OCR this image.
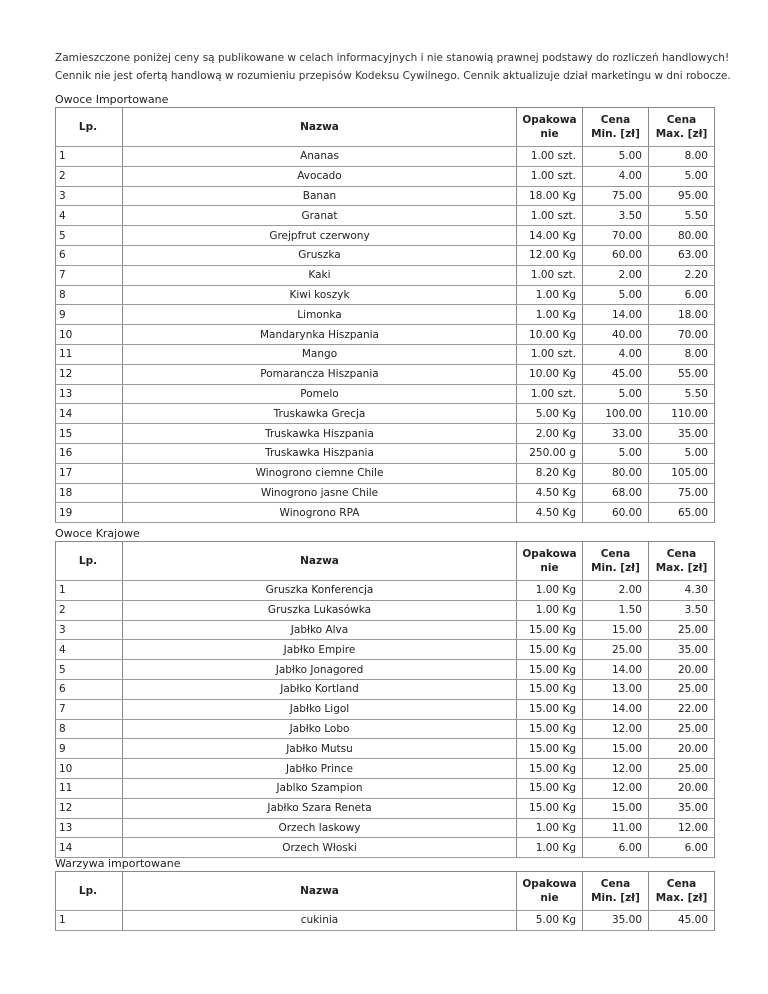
Zamieszczone poniżej ceny są publikowane w celach informacyjnych i nie stanowią prawnej podstawy do rozliczeń handlowych!

Cennik nie jest ofertą handlową w rozumieniu przepisów Kodeksu Cywilnego. Cennik aktualizuje dział marketingu w dni robocze.

Owoce Importowane
Lp.	Nazwa	Opakowa nie	Cena Min. [zł]	Cena Max. [zł]
1	Ananas	1.00 szt.	5.00	8.00
2	Avocado	1.00 szt.	4.00	5.00
3	Banan	18.00 Kg	75.00	95.00
4	Granat	1.00 szt.	3.50	5.50
5	Grejpfrut czerwony	14.00 Kg	70.00	80.00
6	Gruszka	12.00 Kg	60.00	63.00
7	Kaki	1.00 szt.	2.00	2.20
8	Kiwi koszyk	1.00 Kg	5.00	6.00
9	Limonka	1.00 Kg	14.00	18.00
10	Mandarynka Hiszpania	10.00 Kg	40.00	70.00
11	Mango	1.00 szt.	4.00	8.00
12	Pomarancza Hiszpania	10.00 Kg	45.00	55.00
13	Pomelo	1.00 szt.	5.00	5.50
14	Truskawka Grecja	5.00 Kg	100.00	110.00
15	Truskawka Hiszpania	2.00 Kg	33.00	35.00
16	Truskawka Hiszpania	250.00 g	5.00	5.00
17	Winogrono ciemne Chile	8.20 Kg	80.00	105.00
18	Winogrono jasne Chile	4.50 Kg	68.00	75.00
19	Winogrono RPA	4.50 Kg	60.00	65.00
Owoce Krajowe
Lp.	Nazwa	Opakowa nie	Cena Min. [zł]	Cena Max. [zł]
1	Gruszka Konferencja	1.00 Kg	2.00	4.30
2	Gruszka Lukasówka	1.00 Kg	1.50	3.50
3	Jabłko Alva	15.00 Kg	15.00	25.00
4	Jabłko Empire	15.00 Kg	25.00	35.00
5	Jabłko Jonagored	15.00 Kg	14.00	20.00
6	Jabłko Kortland	15.00 Kg	13.00	25.00
7	Jabłko Ligol	15.00 Kg	14.00	22.00
8	Jabłko Lobo	15.00 Kg	12.00	25.00
9	Jabłko Mutsu	15.00 Kg	15.00	20.00
10	Jabłko Prince	15.00 Kg	12.00	25.00
11	Jablko Szampion	15.00 Kg	12.00	20.00
12	Jabłko Szara Reneta	15.00 Kg	15.00	35.00
13	Orzech laskowy	1.00 Kg	11.00	12.00
14	Orzech Włoski	1.00 Kg	6.00	6.00
Warzywa importowane
Lp.	Nazwa	Opakowa nie	Cena Min. [zł]	Cena Max. [zł]
1	cukinia	5.00 Kg	35.00	45.00
